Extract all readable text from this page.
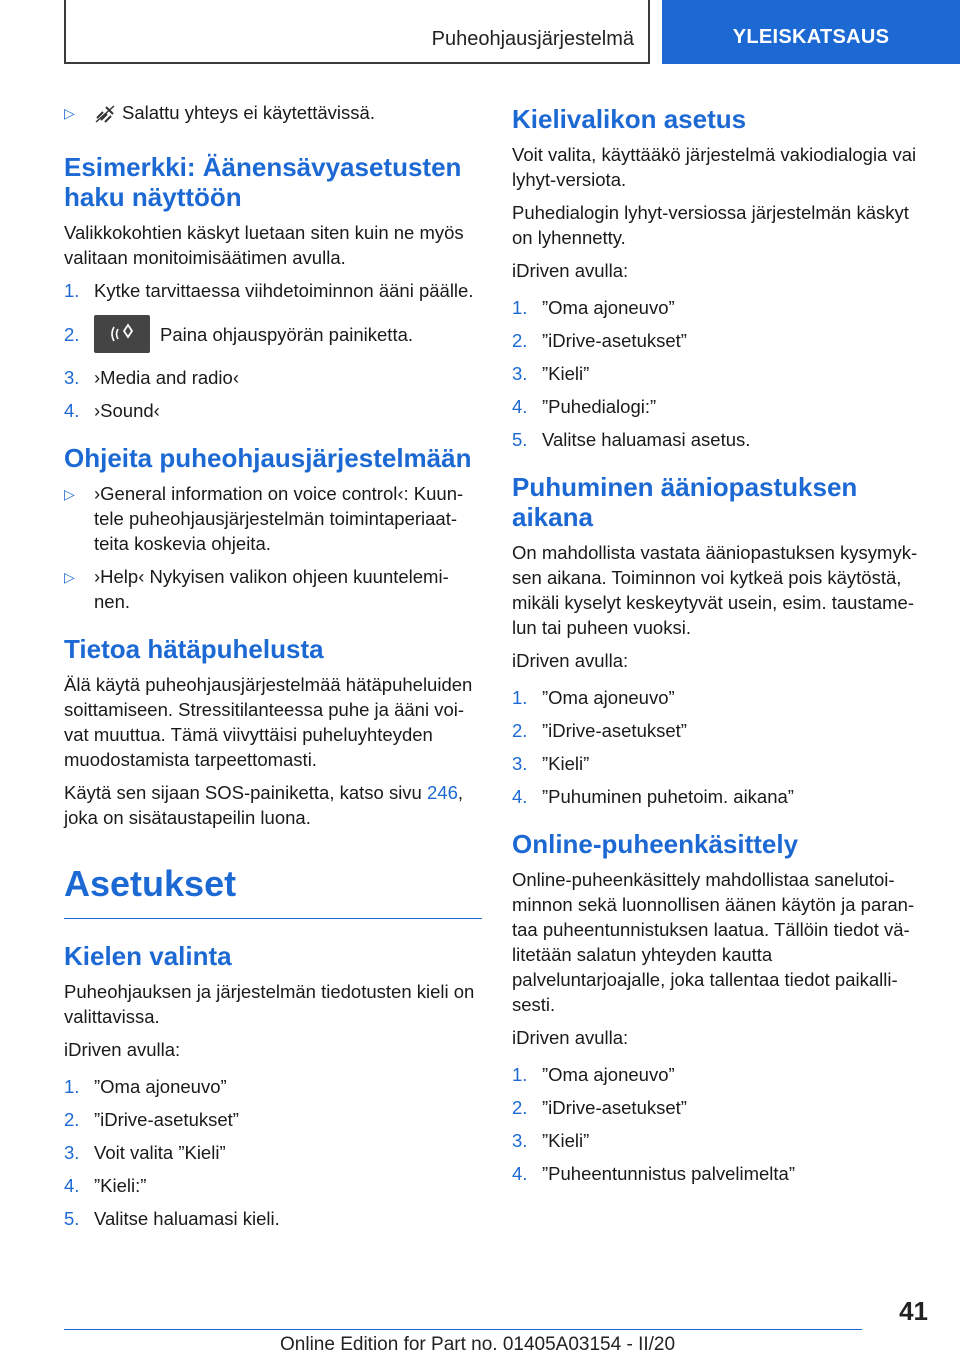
Puheohjausjärjestelmä	YLEISKATSAUS
▷	Salattu yhteys ei käytettävissä.
Esimerkki: Äänensävyasetusten haku näyttöön

Valikkokohtien käskyt luetaan siten kuin ne myös valitaan monitoimisäätimen avulla.

1. Kytke tarvittaessa viihdetoiminnon ääni päälle.
2.	Paina ohjauspyörän painiketta.
3. ›Media and radio‹
4. ›Sound‹
Ohjeita puheohjausjärjestelmään
▷	›General information on voice control‹: Kuun-tele puheohjausjärjestelmän toimintaperiaat-teita koskevia ohjeita.
▷	›Help‹ Nykyisen valikon ohjeen kuuntelemi-nen.
Tietoa hätäpuhelusta

Älä käytä puheohjausjärjestelmää hätäpuheluiden soittamiseen. Stressitilanteessa puhe ja ääni voi-vat muuttua. Tämä viivyttäisi puheluyhteyden muodostamista tarpeettomasti.

Käytä sen sijaan SOS-painiketta, katso sivu 246, joka on sisätaustapeilin luona.

Asetukset
Kielen valinta

Puheohjauksen ja järjestelmän tiedotusten kieli on valittavissa.

iDriven avulla:

1. ”Oma ajoneuvo”
2. ”iDrive-asetukset”
3. Voit valita ”Kieli”
4. ”Kieli:”
5. Valitse haluamasi kieli.
Kielivalikon asetus

Voit valita, käyttääkö järjestelmä vakiodialogia vai lyhyt-versiota.

Puhedialogin lyhyt-versiossa järjestelmän käskyt on lyhennetty.

iDriven avulla:

1. ”Oma ajoneuvo”
2. ”iDrive-asetukset”
3. ”Kieli”
4. ”Puhedialogi:”
5. Valitse haluamasi asetus.
Puhuminen ääniopastuksen aikana

On mahdollista vastata ääniopastuksen kysymyk-sen aikana. Toiminnon voi kytkeä pois käytöstä, mikäli kyselyt keskeytyvät usein, esim. taustame-lun tai puheen vuoksi.

iDriven avulla:

1. ”Oma ajoneuvo”
2. ”iDrive-asetukset”
3. ”Kieli”
4. ”Puhuminen puhetoim. aikana”
Online-puheenkäsittely

Online-puheenkäsittely mahdollistaa sanelutoi-minnon sekä luonnollisen äänen käytön ja paran-taa puheentunnistuksen laatua. Tällöin tiedot vä-litetään salatun yhteyden kautta palveluntarjoajalle, joka tallentaa tiedot paikalli-sesti.

iDriven avulla:

1. ”Oma ajoneuvo”
2. ”iDrive-asetukset”
3. ”Kieli”
4. ”Puheentunnistus palvelimelta”
41
Online Edition for Part no. 01405A03154 - II/20
